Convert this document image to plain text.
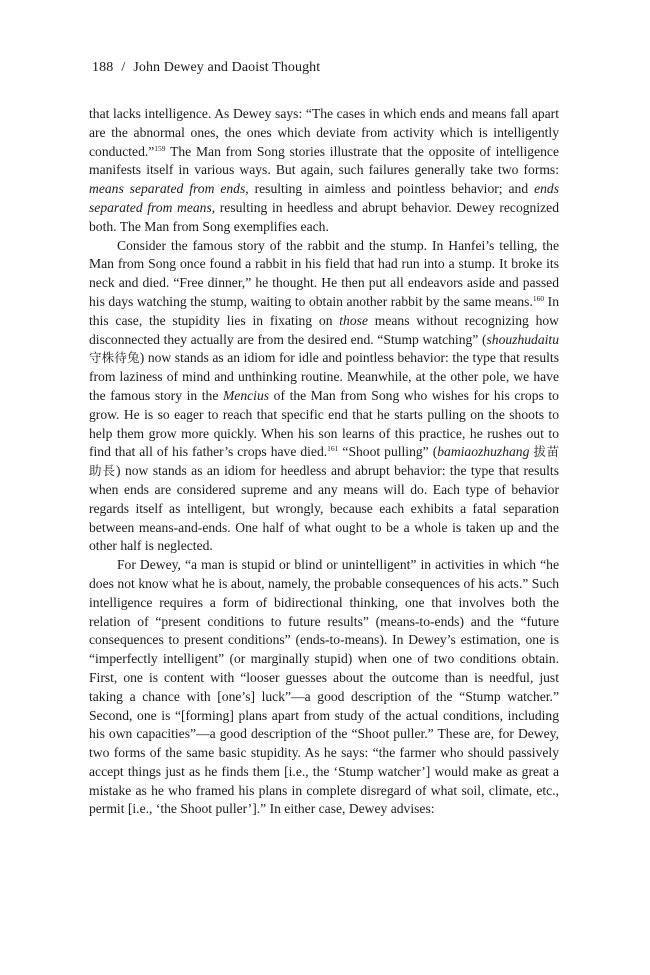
188 / John Dewey and Daoist Thought

that lacks intelligence. As Dewey says: “The cases in which ends and means fall apart are the abnormal ones, the ones which deviate from activity which is intelligently conducted.”$^{159}$ The Man from Song stories illustrate that the opposite of intelligence manifests itself in various ways. But again, such failures generally take two forms: means separated from ends, resulting in aimless and pointless behavior; and ends separated from means, resulting in heedless and abrupt behavior. Dewey recognized both. The Man from Song exemplifies each.

Consider the famous story of the rabbit and the stump. In Hanfei’s telling, the Man from Song once found a rabbit in his field that had run into a stump. It broke its neck and died. “Free dinner,” he thought. He then put all endeavors aside and passed his days watching the stump, waiting to obtain another rabbit by the same means.$^{160}$ In this case, the stupidity lies in fixating on those means without recognizing how disconnected they actually are from the desired end. “Stump watching” (shouzhudaitu 守株待兔) now stands as an idiom for idle and pointless behavior: the type that results from laziness of mind and unthinking routine. Meanwhile, at the other pole, we have the famous story in the Mencius of the Man from Song who wishes for his crops to grow. He is so eager to reach that specific end that he starts pulling on the shoots to help them grow more quickly. When his son learns of this practice, he rushes out to find that all of his father’s crops have died.$^{161}$ “Shoot pulling” (bamiaozhuzhang 拔苗助長) now stands as an idiom for heedless and abrupt behavior: the type that results when ends are considered supreme and any means will do. Each type of behavior regards itself as intelligent, but wrongly, because each exhibits a fatal separation between means-and-ends. One half of what ought to be a whole is taken up and the other half is neglected.

For Dewey, “a man is stupid or blind or unintelligent” in activities in which “he does not know what he is about, namely, the probable consequences of his acts.” Such intelligence requires a form of bidirectional thinking, one that involves both the relation of “present conditions to future results” (means-to-ends) and the “future consequences to present conditions” (ends-to-means). In Dewey’s estimation, one is “imperfectly intelligent” (or marginally stupid) when one of two conditions obtain. First, one is content with “looser guesses about the outcome than is needful, just taking a chance with [one’s] luck”—a good description of the “Stump watcher.” Second, one is “[forming] plans apart from study of the actual conditions, including his own capacities”—a good description of the “Shoot puller.” These are, for Dewey, two forms of the same basic stupidity. As he says: “the farmer who should passively accept things just as he finds them [i.e., the ‘Stump watcher’] would make as great a mistake as he who framed his plans in complete disregard of what soil, climate, etc., permit [i.e., ‘the Shoot puller’].” In either case, Dewey advises:
